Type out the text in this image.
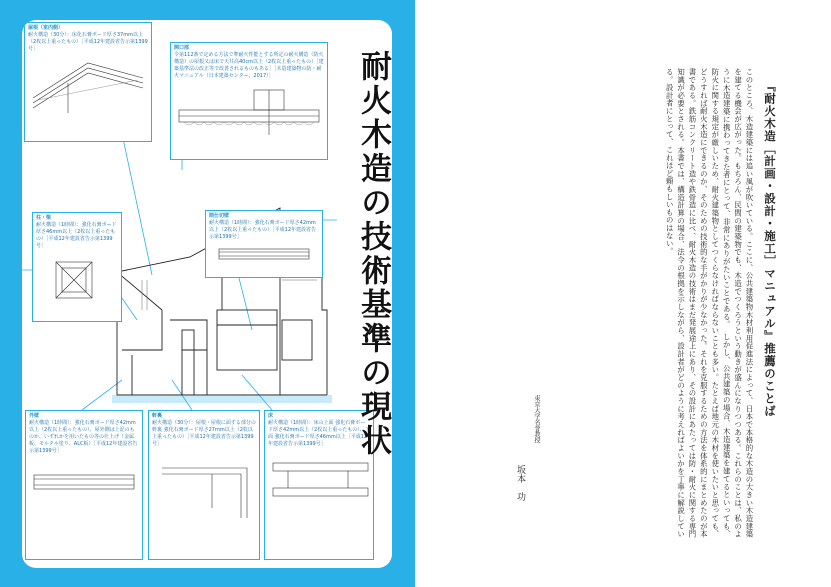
屋根（室内側）
耐火構造（30分）：床化石膏ボード厚さ37mm以上（2枚以上重ったもの）［平成12年建設省告示第1399号］	開口部
令第112条で定める方法で準耐火性能とする所定の耐火構造（防火構造）の屋根又は床で天井高40cm以上（2枚以上重ったもの）［建築基準法の改正等で改善されるものもある］［木造建築物の防・耐火マニュアル（日本建築センター、2017）］
柱・梁
耐火構造（1時間）：強化石膏ボード厚さ46mm以上（2枚以上重ったもの）［平成12年建設省告示第1399号］
間仕切壁
耐火構造（1時間）：強化石膏ボード厚さ42mm以上（2枚以上重ったもの）［平成12年建設省告示第1399号］
外壁
耐火構造（1時間）：強化石膏ボード厚さ42mm以上（2枚以上重ったもの）、屋外側は上記のものか、いずれかを用いたもの等の仕上げ（金属板、モルタル塗り、ALC板）［平成12年建設省告示第1399号］
軒裏
耐火構造（30分）：屋根・屋根に面する部分の軒裏 強化石膏ボード厚さ27mm以上（2枚以上重ったもの）［平成12年建設省告示第1399号］
床
耐火構造（1時間）：床の上面 強化石膏ボード厚さ42mm以上（2枚以上重ったもの）、下面 強化石膏ボード厚さ46mm以上［平成12年建設省告示第1399号］ 耐火木造の技術基準の現状	『耐火木造［計画・設計・施工］マニュアル』推薦のことば
このところ、木造建築には追い風が吹いている。ここに、公共建築物木材利用促進法によって、日本で本格的な木造の大きい木造建築を建てる機会が広がった。もちろん、民間の建築物でも、木造でつくろうという動きが盛んになりつつある。これらのことは、私のように木造建築に携わってきた者にとって、非常にありがたいことである。　しかし、公共建築の場合、木造建築を建てるといっても、防火に関する規定が厳しいため、耐火建築物としてつくらなければならないことも多い。たとえば地元の木材を使いたいと思っても、どうすれば耐火木造にできるのか、そのための技術的な手がかりが少なかった。それを克服するための方法を体系的にまとめたのが本書である。鉄筋コンクリート造や鉄骨造に比べ、耐火木造の技術はまだ発展途上にあり、その設計にあたっては防・耐火に関する専門知識が必要とされる。本書では、構造計算の場合、法令の根拠を示しながら、設計者がどのように考えればよいかを丁寧に解説している。設計者にとって、これほど頼もしいものはない。
東京大学名誉教授
坂本　功
